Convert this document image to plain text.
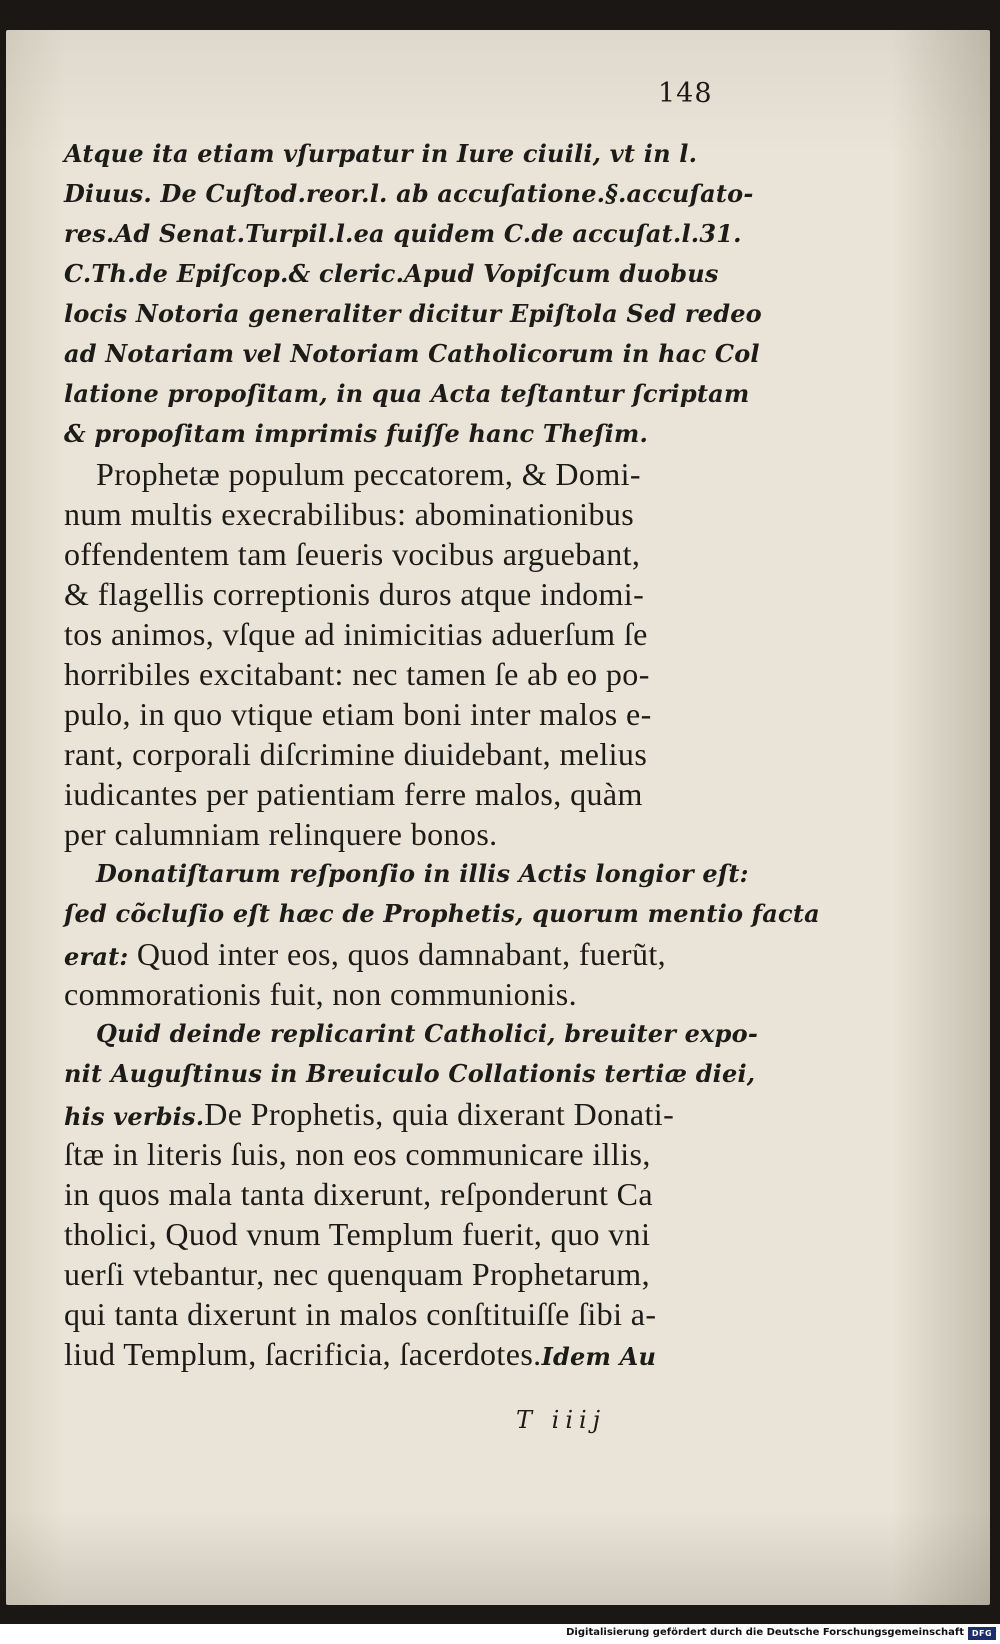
148
Atque ita etiam vſurpatur in Iure ciuili, vt in l.
Diuus. De Cuſtod.reor.l. ab accuſatione.§.accuſato-
res.Ad Senat.Turpil.l.ea quidem C.de accuſat.l.31.
C.Th.de Epiſcop.& cleric.Apud Vopiſcum duobus
locis Notoria generaliter dicitur Epiſtola Sed redeo
ad Notariam vel Notoriam Catholicorum in hac Col
latione propoſitam, in qua Acta teſtantur ſcriptam
& propoſitam imprimis fuiſſe hanc Theſim.
Prophetæ populum peccatorem, & Domi-
num multis execrabilibus: abominationibus
offendentem tam ſeueris vocibus arguebant,
& flagellis correptionis duros atque indomi-
tos animos, vſque ad inimicitias aduerſum ſe
horribiles excitabant: nec tamen ſe ab eo po-
pulo, in quo vtique etiam boni inter malos e-
rant, corporali diſcrimine diuidebant, melius
iudicantes per patientiam ferre malos, quàm
per calumniam relinquere bonos.
Donatiſtarum reſponſio in illis Actis longior eſt:
ſed cõcluſio eſt hæc de Prophetis, quorum mentio facta
erat: Quod inter eos, quos damnabant, fuerũt,
commorationis fuit, non communionis.
Quid deinde replicarint Catholici, breuiter expo-
nit Auguſtinus in Breuiculo Collationis tertiæ diei,
his verbis.De Prophetis, quia dixerant Donati-
ſtæ in literis ſuis, non eos communicare illis,
in quos mala tanta dixerunt, reſponderunt Ca
tholici, Quod vnum Templum fuerit, quo vni
uerſi vtebantur, nec quenquam Prophetarum,
qui tanta dixerunt in malos conſtituiſſe ſibi a-
liud Templum, ſacrificia, ſacerdotes.Idem Au
T iiij
Digitalisierung gefördert durch die Deutsche Forschungsgemeinschaft DFG
